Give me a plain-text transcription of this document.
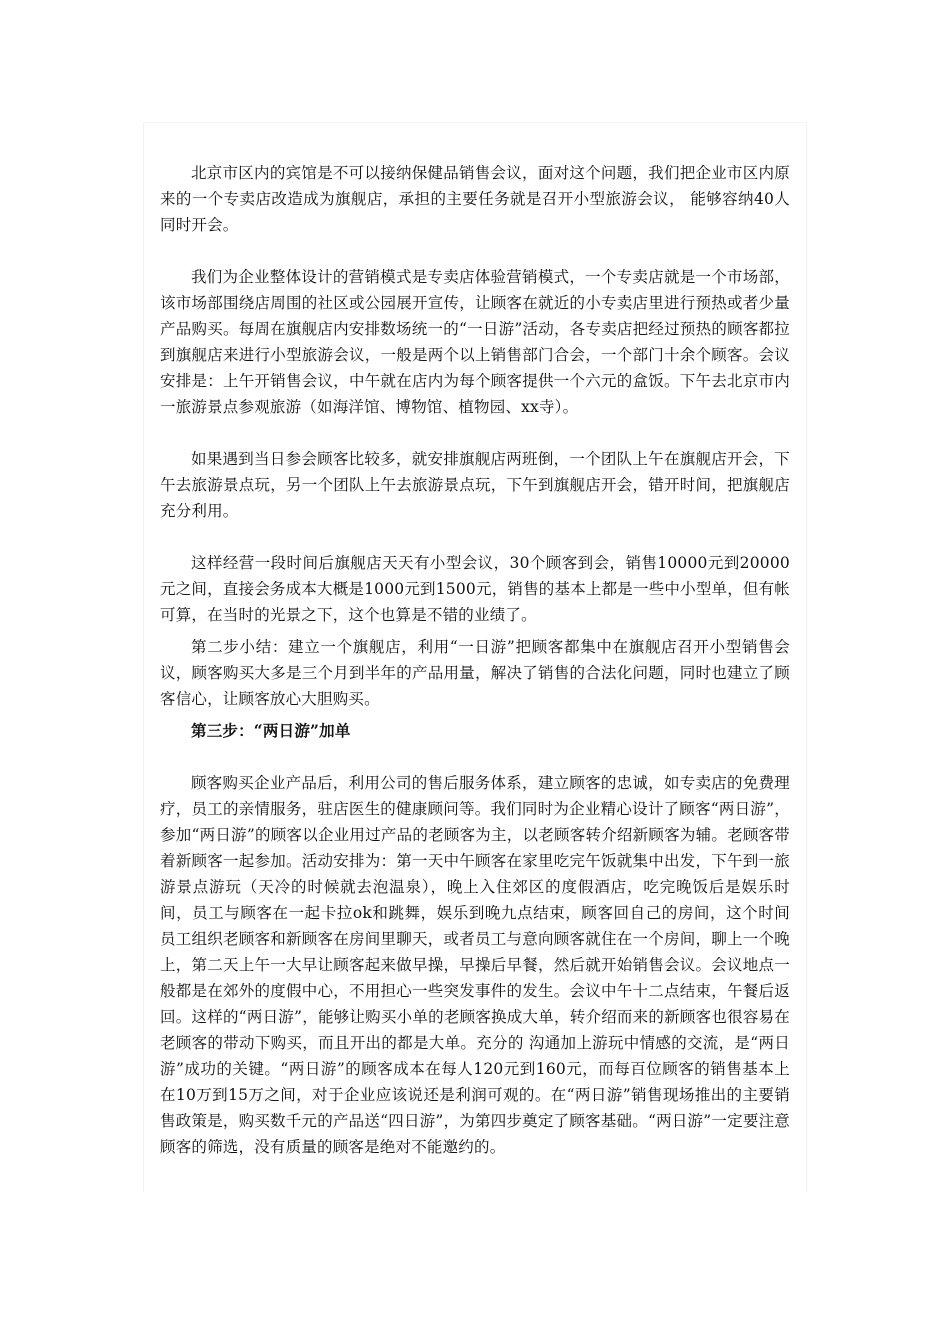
北京市区内的宾馆是不可以接纳保健品销售会议，面对这个问题，我们把企业市区内原来的一个专卖店改造成为旗舰店，承担的主要任务就是召开小型旅游会议， 能够容纳40人同时开会。

我们为企业整体设计的营销模式是专卖店体验营销模式，一个专卖店就是一个市场部，该市场部围绕店周围的社区或公园展开宣传，让顾客在就近的小专卖店里进行预热或者少量产品购买。每周在旗舰店内安排数场统一的“一日游”活动，各专卖店把经过预热的顾客都拉到旗舰店来进行小型旅游会议，一般是两个以上销售部门合会，一个部门十余个顾客。会议安排是：上午开销售会议，中午就在店内为每个顾客提供一个六元的盒饭。下午去北京市内一旅游景点参观旅游（如海洋馆、博物馆、植物园、xx寺）。

如果遇到当日参会顾客比较多，就安排旗舰店两班倒，一个团队上午在旗舰店开会，下午去旅游景点玩，另一个团队上午去旅游景点玩，下午到旗舰店开会，错开时间，把旗舰店充分利用。

这样经营一段时间后旗舰店天天有小型会议，30个顾客到会，销售10000元到20000元之间，直接会务成本大概是1000元到1500元，销售的基本上都是一些中小型单，但有帐可算，在当时的光景之下，这个也算是不错的业绩了。

第二步小结：建立一个旗舰店，利用“一日游”把顾客都集中在旗舰店召开小型销售会议，顾客购买大多是三个月到半年的产品用量，解决了销售的合法化问题，同时也建立了顾客信心，让顾客放心大胆购买。

第三步：“两日游”加单

顾客购买企业产品后，利用公司的售后服务体系，建立顾客的忠诚，如专卖店的免费理疗，员工的亲情服务，驻店医生的健康顾问等。我们同时为企业精心设计了顾客“两日游”，参加“两日游”的顾客以企业用过产品的老顾客为主，以老顾客转介绍新顾客为辅。老顾客带着新顾客一起参加。活动安排为：第一天中午顾客在家里吃完午饭就集中出发，下午到一旅游景点游玩（天冷的时候就去泡温泉），晚上入住郊区的度假酒店，吃完晚饭后是娱乐时间，员工与顾客在一起卡拉ok和跳舞，娱乐到晚九点结束，顾客回自己的房间，这个时间员工组织老顾客和新顾客在房间里聊天，或者员工与意向顾客就住在一个房间，聊上一个晚上，第二天上午一大早让顾客起来做早操，早操后早餐，然后就开始销售会议。会议地点一般都是在郊外的度假中心，不用担心一些突发事件的发生。会议中午十二点结束，午餐后返回。这样的“两日游”，能够让购买小单的老顾客换成大单，转介绍而来的新顾客也很容易在老顾客的带动下购买，而且开出的都是大单。充分的 沟通加上游玩中情感的交流，是“两日游”成功的关键。“两日游”的顾客成本在每人120元到160元，而每百位顾客的销售基本上在10万到15万之间，对于企业应该说还是利润可观的。在“两日游”销售现场推出的主要销售政策是，购买数千元的产品送“四日游”，为第四步奠定了顾客基础。“两日游”一定要注意顾客的筛选，没有质量的顾客是绝对不能邀约的。
